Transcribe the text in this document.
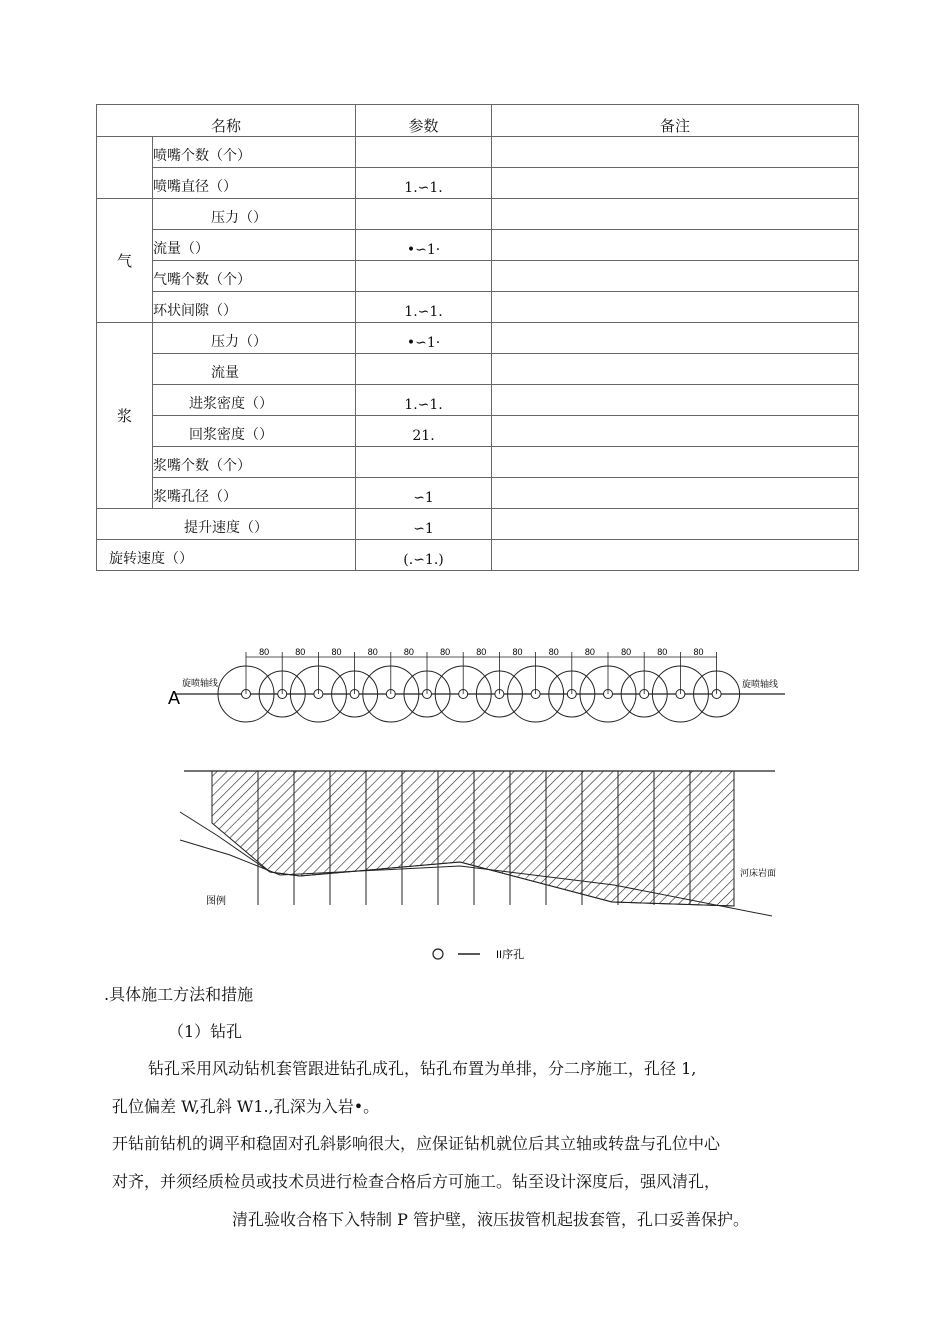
名称		参数	备注

	喷嘴个数（个）		

	喷嘴直径（）	1.∽1.	

气	压力（）		

	流量（）	•∽1·	

	气嘴个数（个）		

	环状间隙（）	1.∽1.	

浆	压力（）	•∽1·	

	流量		

	进浆密度（）	1.∽1.	

	回浆密度（）	21.	

	浆嘴个数（个）		

	浆嘴孔径（）	∽1	

提升速度（）		∽1	

旋转速度（）		(.∽1.)	

80	80	80	80	80	80	80	80	80	80	80	80	80
A
旋喷轴线	旋喷轴线
河床岩面
图例
II序孔
.具体施工方法和措施
（1）钻孔
钻孔采用风动钻机套管跟进钻孔成孔，钻孔布置为单排，分二序施工，孔径 1,
孔位偏差 W,孔斜 W1.,孔深为入岩•。
开钻前钻机的调平和稳固对孔斜影响很大，应保证钻机就位后其立轴或转盘与孔位中心
对齐，并须经质检员或技术员进行检查合格后方可施工。钻至设计深度后，强风清孔，
清孔验收合格下入特制 P 管护壁，液压拔管机起拔套管，孔口妥善保护。
